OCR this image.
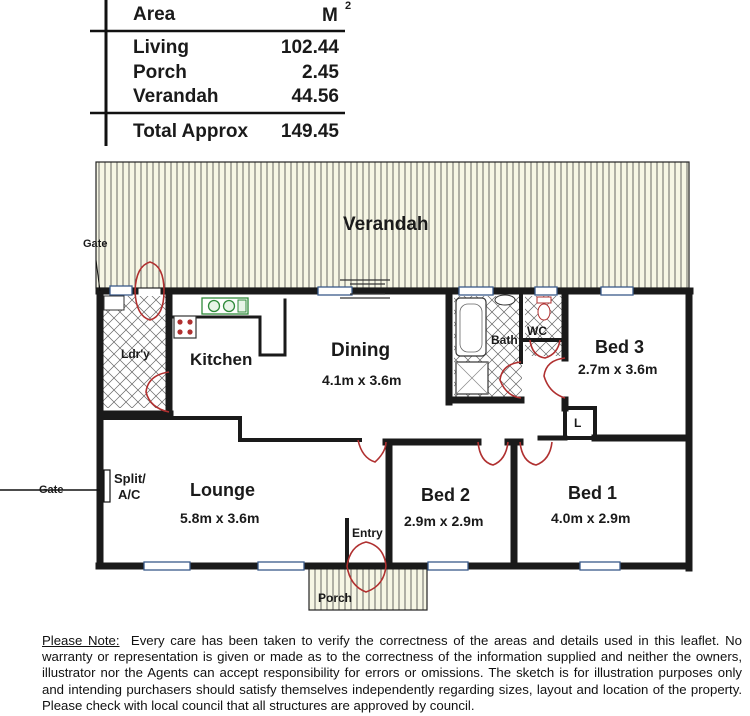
Area	M 2
Living	102.44
Porch	2.45
Verandah	44.56
Total Approx	149.45
Verandah
Gate
Gate
Ldr'y Kitchen	Dining
4.1m x 3.6m
Bath
WC
Bed 3
2.7m x 3.6m
L
Lounge
5.8m x 3.6m
Split/
A/C
Entry
Bed 2
2.9m x 2.9m
Bed 1
4.0m x 2.9m
Porch
Please Note: Every care has been taken to verify the correctness of the areas and details used in this leaflet. No warranty or representation is given or made as to the correctness of the information supplied and neither the owners, illustrator nor the Agents can accept responsibility for errors or omissions. The sketch is for illustration purposes only and intending purchasers should satisfy themselves independently regarding sizes, layout and location of the property. Please check with local council that all structures are approved by council.
